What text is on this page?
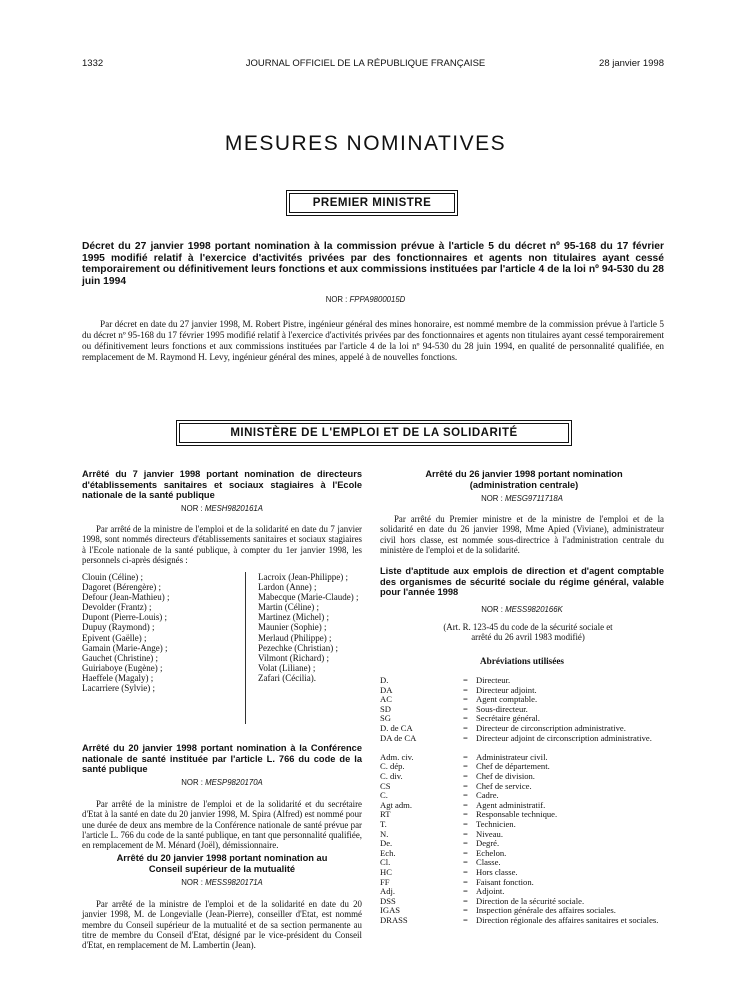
1332	JOURNAL OFFICIEL DE LA RÉPUBLIQUE FRANÇAISE	28 janvier 1998
MESURES NOMINATIVES
PREMIER MINISTRE
Décret du 27 janvier 1998 portant nomination à la commission prévue à l'article 5 du décret nº 95-168 du 17 février 1995 modifié relatif à l'exercice d'activités privées par des fonctionnaires et agents non titulaires ayant cessé temporairement ou définitivement leurs fonctions et aux commissions instituées par l'article 4 de la loi nº 94-530 du 28 juin 1994
NOR : FPPA9800015D
Par décret en date du 27 janvier 1998, M. Robert Pistre, ingénieur général des mines honoraire, est nommé membre de la commission prévue à l'article 5 du décret nº 95-168 du 17 février 1995 modifié relatif à l'exercice d'activités privées par des fonctionnaires et agents non titulaires ayant cessé temporairement ou définitivement leurs fonctions et aux commissions instituées par l'article 4 de la loi nº 94-530 du 28 juin 1994, en qualité de personnalité qualifiée, en remplacement de M. Raymond H. Levy, ingénieur général des mines, appelé à de nouvelles fonctions.
MINISTÈRE DE L'EMPLOI ET DE LA SOLIDARITÉ
Arrêté du 7 janvier 1998 portant nomination de directeurs d'établissements sanitaires et sociaux stagiaires à l'Ecole nationale de la santé publique
NOR : MESH9820161A
Par arrêté de la ministre de l'emploi et de la solidarité en date du 7 janvier 1998, sont nommés directeurs d'établissements sanitaires et sociaux stagiaires à l'Ecole nationale de la santé publique, à compter du 1er janvier 1998, les personnels ci-après désignés :
Clouin (Céline) ;
Dagoret (Bérengère) ;
Defour (Jean-Mathieu) ;
Devolder (Frantz) ;
Dupont (Pierre-Louis) ;
Dupuy (Raymond) ;
Epivent (Gaëlle) ;
Gamain (Marie-Ange) ;
Gauchet (Christine) ;
Guiriaboye (Eugène) ;
Haeffele (Magaly) ;
Lacarriere (Sylvie) ;
Lacroix (Jean-Philippe) ;
Lardon (Anne) ;
Mabecque (Marie-Claude) ;
Martin (Céline) ;
Martinez (Michel) ;
Maunier (Sophie) ;
Merlaud (Philippe) ;
Pezechke (Christian) ;
Vilmont (Richard) ;
Volat (Liliane) ;
Zafari (Cécilia).
Arrêté du 20 janvier 1998 portant nomination à la Conférence nationale de santé instituée par l'article L. 766 du code de la santé publique
NOR : MESP9820170A
Par arrêté de la ministre de l'emploi et de la solidarité et du secrétaire d'Etat à la santé en date du 20 janvier 1998, M. Spira (Alfred) est nommé pour une durée de deux ans membre de la Conférence nationale de santé prévue par l'article L. 766 du code de la santé publique, en tant que personnalité qualifiée, en remplacement de M. Ménard (Joël), démissionnaire.
Arrêté du 20 janvier 1998 portant nomination au Conseil supérieur de la mutualité
NOR : MESS9820171A
Par arrêté de la ministre de l'emploi et de la solidarité en date du 20 janvier 1998, M. de Longevialle (Jean-Pierre), conseiller d'Etat, est nommé membre du Conseil supérieur de la mutualité et de sa section permanente au titre de membre du Conseil d'Etat, désigné par le vice-président du Conseil d'Etat, en remplacement de M. Lambertin (Jean).
Arrêté du 26 janvier 1998 portant nomination (administration centrale)
NOR : MESG9711718A
Par arrêté du Premier ministre et de la ministre de l'emploi et de la solidarité en date du 26 janvier 1998, Mme Apied (Viviane), administrateur civil hors classe, est nommée sous-directrice à l'administration centrale du ministère de l'emploi et de la solidarité.
Liste d'aptitude aux emplois de direction et d'agent comptable des organismes de sécurité sociale du régime général, valable pour l'année 1998
NOR : MESS9820166K
(Art. R. 123-45 du code de la sécurité sociale et arrêté du 26 avril 1983 modifié)
Abréviations utilisées
D.	= Directeur.
DA	= Directeur adjoint.
AC	= Agent comptable.
SD	= Sous-directeur.
SG	= Secrétaire général.
D. de CA	= Directeur de circonscription administrative.
DA de CA	= Directeur adjoint de circonscription administrative.
Adm. civ.	= Administrateur civil.
C. dép.	= Chef de département.
C. div.	= Chef de division.
CS	= Chef de service.
C.	= Cadre.
Agt adm.	= Agent administratif.
RT	= Responsable technique.
T.	= Technicien.
N.	= Niveau.
De.	= Degré.
Ech.	= Echelon.
Cl.	= Classe.
HC	= Hors classe.
FF	= Faisant fonction.
Adj.	= Adjoint.
DSS	= Direction de la sécurité sociale.
IGAS	= Inspection générale des affaires sociales.
DRASS	= Direction régionale des affaires sanitaires et sociales.
